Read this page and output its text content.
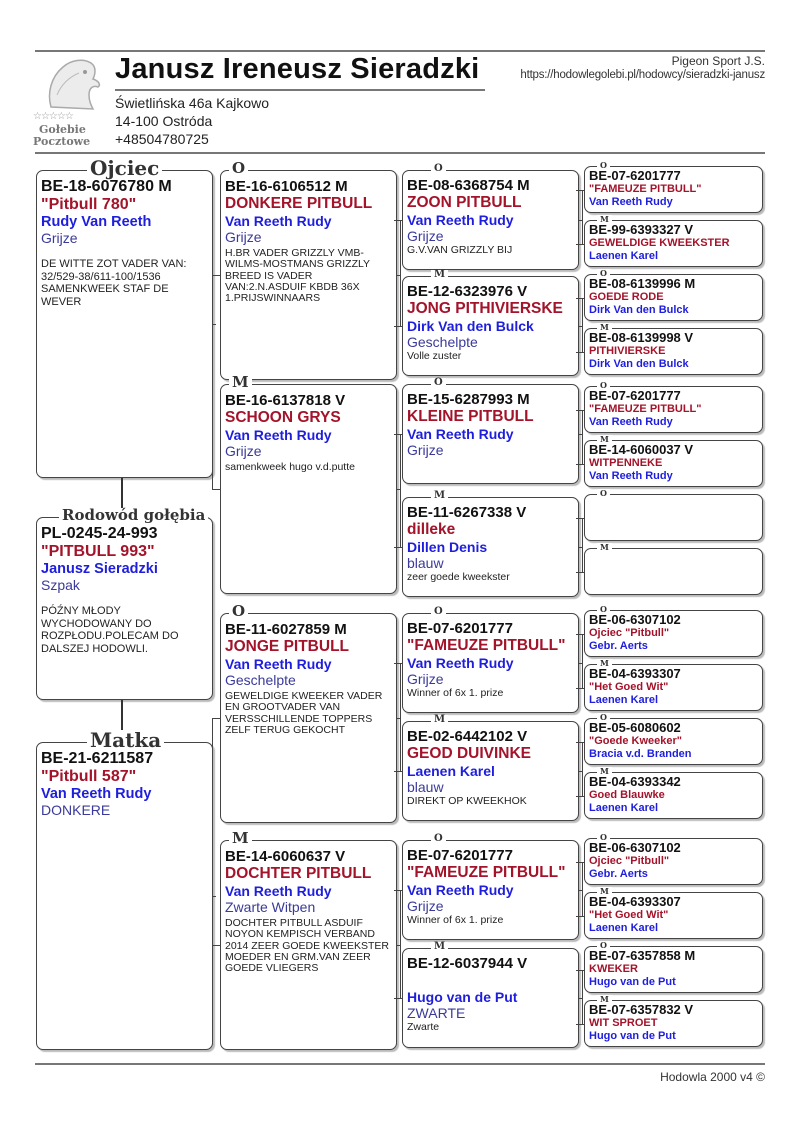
☆☆☆☆☆
Gołebie
Pocztowe
Janusz Ireneusz Sieradzki
Świetlińska 46a Kajkowo
14-100 Ostróda
+48504780725
Pigeon Sport J.S.
https://hodowlegolebi.pl/hodowcy/sieradzki-janusz
Ojciec
BE-18-6076780 M
"Pitbull 780"
Rudy Van Reeth
Grijze
DE WITTE ZOT VADER VAN: 32/529-38/611-100/1536 SAMENKWEEK STAF DE WEVER
Rodowód gołębia
PL-0245-24-993
"PITBULL 993"
Janusz Sieradzki
Szpak
PÓŹNY MŁODY WYCHODOWANY DO ROZPŁODU.POLECAM DO DALSZEJ HODOWLI.
Matka
BE-21-6211587
"Pitbull 587"
Van Reeth Rudy
DONKERE
O
BE-16-6106512 M
DONKERE PITBULL
Van Reeth Rudy
Grijze
H.BR VADER GRIZZLY VMB-WILMS-MOSTMANS GRIZZLY BREED IS VADER VAN:2.N.ASDUIF KBDB 36X 1.PRIJSWINNAARS
M
BE-16-6137818 V
SCHOON GRYS
Van Reeth Rudy
Grijze
samenkweek hugo v.d.putte
O
BE-11-6027859 M
JONGE PITBULL
Van Reeth Rudy
Geschelpte
GEWELDIGE KWEEKER VADER EN GROOTVADER VAN VERSSCHILLENDE TOPPERS ZELF TERUG GEKOCHT
M
BE-14-6060637 V
DOCHTER PITBULL
Van Reeth Rudy
Zwarte Witpen
DOCHTER PITBULL ASDUIF NOYON KEMPISCH VERBAND 2014 ZEER GOEDE KWEEKSTER MOEDER EN GRM.VAN ZEER GOEDE VLIEGERS
O
BE-08-6368754 M
ZOON PITBULL
Van Reeth Rudy
Grijze
G.V.VAN GRIZZLY BIJ
M
BE-12-6323976 V
JONG PITHIVIERSKE
Dirk Van den Bulck
Geschelpte
Volle zuster
O
BE-15-6287993 M
KLEINE PITBULL
Van Reeth Rudy
Grijze
M
BE-11-6267338 V
dilleke
Dillen Denis
blauw
zeer goede kweekster
O
BE-07-6201777
"FAMEUZE PITBULL"
Van Reeth Rudy
Grijze
Winner of 6x 1. prize
M
BE-02-6442102 V
GEOD DUIVINKE
Laenen Karel
blauw
DIREKT OP KWEEKHOK
O
BE-07-6201777
"FAMEUZE PITBULL"
Van Reeth Rudy
Grijze
Winner of 6x 1. prize
M
BE-12-6037944 V
Hugo van de Put
ZWARTE
Zwarte
O
BE-07-6201777
"FAMEUZE PITBULL"
Van Reeth Rudy
M
BE-99-6393327 V
GEWELDIGE KWEEKSTER
Laenen Karel
O
BE-08-6139996 M
GOEDE RODE
Dirk Van den Bulck
M
BE-08-6139998 V
PITHIVIERSKE
Dirk Van den Bulck
O
BE-07-6201777
"FAMEUZE PITBULL"
Van Reeth Rudy
M
BE-14-6060037 V
WITPENNEKE
Van Reeth Rudy
O
M
O
BE-06-6307102
Ojciec "Pitbull"
Gebr. Aerts
M
BE-04-6393307
"Het Goed Wit"
Laenen Karel
O
BE-05-6080602
"Goede Kweeker"
Bracia v.d. Branden
M
BE-04-6393342
Goed Blauwke
Laenen Karel
O
BE-06-6307102
Ojciec "Pitbull"
Gebr. Aerts
M
BE-04-6393307
"Het Goed Wit"
Laenen Karel
O
BE-07-6357858 M
KWEKER
Hugo van de Put
M
BE-07-6357832 V
WIT SPROET
Hugo van de Put
Hodowla 2000 v4 ©
